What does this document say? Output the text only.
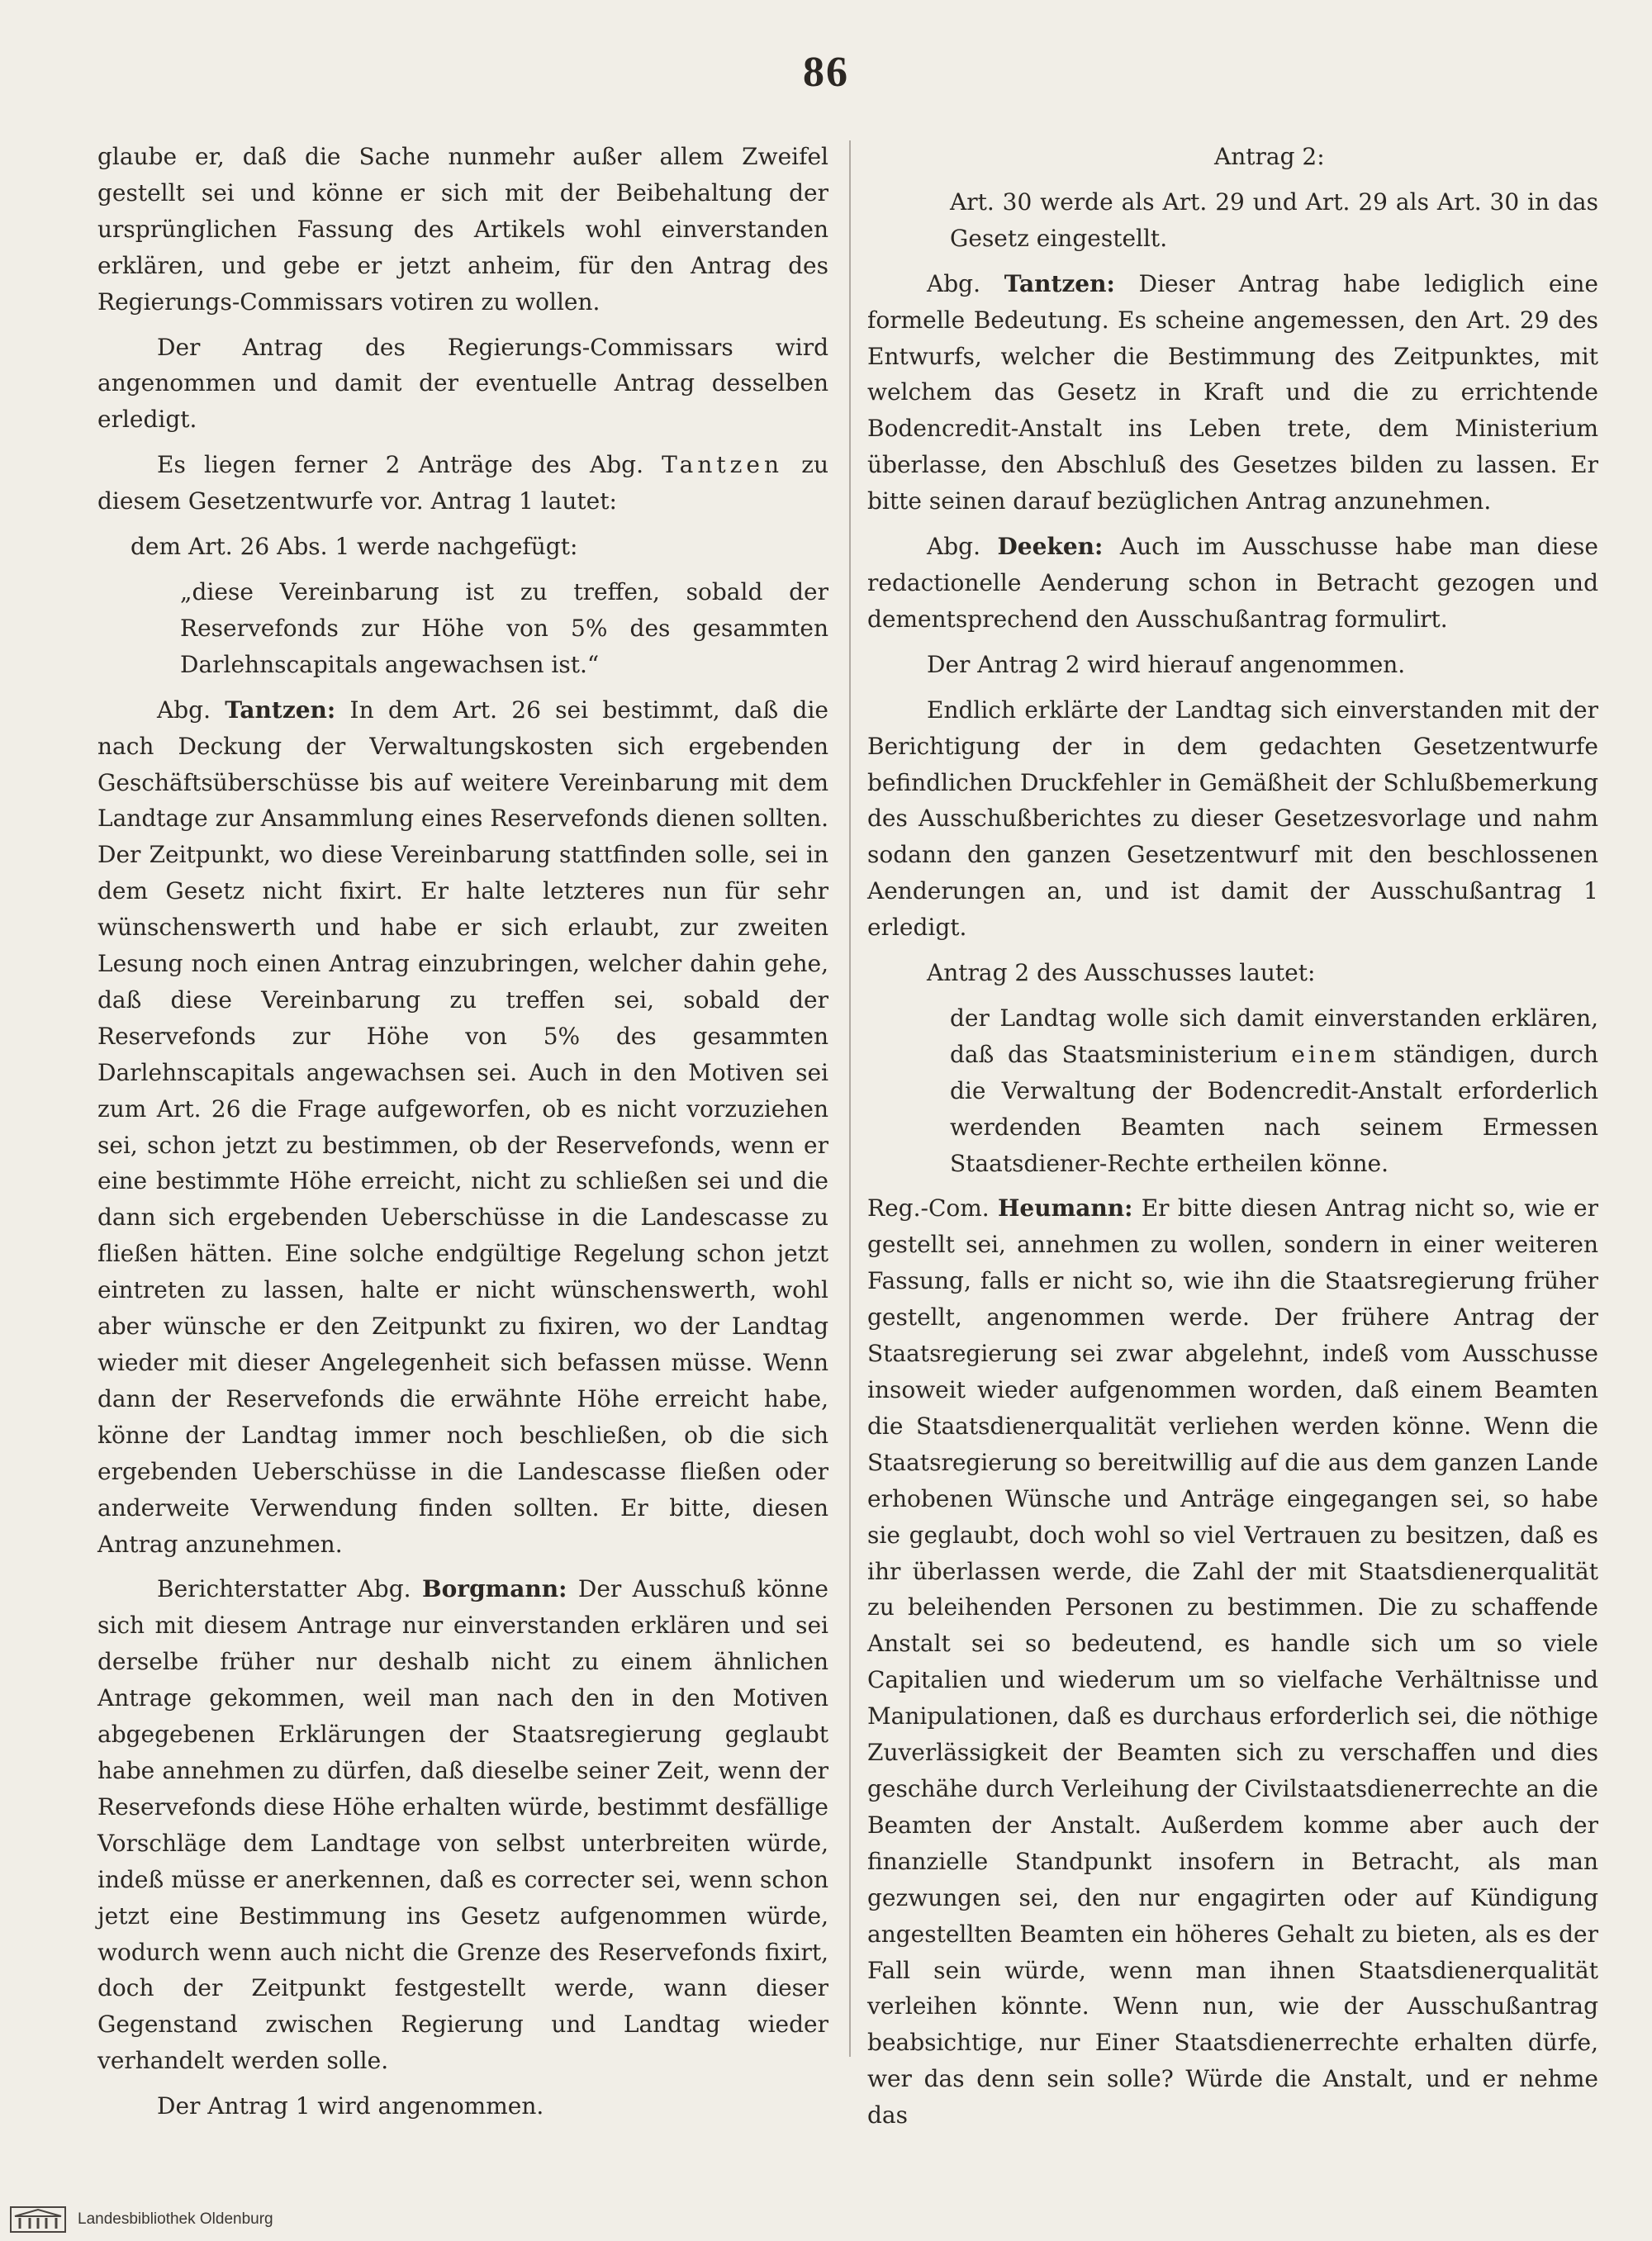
86

glaube er, daß die Sache nunmehr außer allem Zweifel gestellt sei und könne er sich mit der Beibehaltung der ursprünglichen Fassung des Artikels wohl einverstanden erklären, und gebe er jetzt anheim, für den Antrag des Regierungs-Commissars votiren zu wollen.

Der Antrag des Regierungs-Commissars wird angenommen und damit der eventuelle Antrag desselben erledigt.

Es liegen ferner 2 Anträge des Abg. Tantzen zu diesem Gesetzentwurfe vor. Antrag 1 lautet:

dem Art. 26 Abs. 1 werde nachgefügt:

„diese Vereinbarung ist zu treffen, sobald der Reservefonds zur Höhe von 5% des gesammten Darlehnscapitals angewachsen ist.“

Abg. Tantzen: In dem Art. 26 sei bestimmt, daß die nach Deckung der Verwaltungskosten sich ergebenden Geschäftsüberschüsse bis auf weitere Vereinbarung mit dem Landtage zur Ansammlung eines Reservefonds dienen sollten. Der Zeitpunkt, wo diese Vereinbarung stattfinden solle, sei in dem Gesetz nicht fixirt. Er halte letzteres nun für sehr wünschenswerth und habe er sich erlaubt, zur zweiten Lesung noch einen Antrag einzubringen, welcher dahin gehe, daß diese Vereinbarung zu treffen sei, sobald der Reservefonds zur Höhe von 5% des gesammten Darlehnscapitals angewachsen sei. Auch in den Motiven sei zum Art. 26 die Frage aufgeworfen, ob es nicht vorzuziehen sei, schon jetzt zu bestimmen, ob der Reservefonds, wenn er eine bestimmte Höhe erreicht, nicht zu schließen sei und die dann sich ergebenden Ueberschüsse in die Landescasse zu fließen hätten. Eine solche endgültige Regelung schon jetzt eintreten zu lassen, halte er nicht wünschenswerth, wohl aber wünsche er den Zeitpunkt zu fixiren, wo der Landtag wieder mit dieser Angelegenheit sich befassen müsse. Wenn dann der Reservefonds die erwähnte Höhe erreicht habe, könne der Landtag immer noch beschließen, ob die sich ergebenden Ueberschüsse in die Landescasse fließen oder anderweite Verwendung finden sollten. Er bitte, diesen Antrag anzunehmen.

Berichterstatter Abg. Borgmann: Der Ausschuß könne sich mit diesem Antrage nur einverstanden erklären und sei derselbe früher nur deshalb nicht zu einem ähnlichen Antrage gekommen, weil man nach den in den Motiven abgegebenen Erklärungen der Staatsregierung geglaubt habe annehmen zu dürfen, daß dieselbe seiner Zeit, wenn der Reservefonds diese Höhe erhalten würde, bestimmt desfällige Vorschläge dem Landtage von selbst unterbreiten würde, indeß müsse er anerkennen, daß es correcter sei, wenn schon jetzt eine Bestimmung ins Gesetz aufgenommen würde, wodurch wenn auch nicht die Grenze des Reservefonds fixirt, doch der Zeitpunkt festgestellt werde, wann dieser Gegenstand zwischen Regierung und Landtag wieder verhandelt werden solle.

Der Antrag 1 wird angenommen.

Antrag 2:

Art. 30 werde als Art. 29 und Art. 29 als Art. 30 in das Gesetz eingestellt.

Abg. Tantzen: Dieser Antrag habe lediglich eine formelle Bedeutung. Es scheine angemessen, den Art. 29 des Entwurfs, welcher die Bestimmung des Zeitpunktes, mit welchem das Gesetz in Kraft und die zu errichtende Bodencredit-Anstalt ins Leben trete, dem Ministerium überlasse, den Abschluß des Gesetzes bilden zu lassen. Er bitte seinen darauf bezüglichen Antrag anzunehmen.

Abg. Deeken: Auch im Ausschusse habe man diese redactionelle Aenderung schon in Betracht gezogen und dementsprechend den Ausschußantrag formulirt.

Der Antrag 2 wird hierauf angenommen.

Endlich erklärte der Landtag sich einverstanden mit der Berichtigung der in dem gedachten Gesetzentwurfe befindlichen Druckfehler in Gemäßheit der Schlußbemerkung des Ausschußberichtes zu dieser Gesetzesvorlage und nahm sodann den ganzen Gesetzentwurf mit den beschlossenen Aenderungen an, und ist damit der Ausschußantrag 1 erledigt.

Antrag 2 des Ausschusses lautet:

der Landtag wolle sich damit einverstanden erklären, daß das Staatsministerium einem ständigen, durch die Verwaltung der Bodencredit-Anstalt erforderlich werdenden Beamten nach seinem Ermessen Staatsdiener-Rechte ertheilen könne.

Reg.-Com. Heumann: Er bitte diesen Antrag nicht so, wie er gestellt sei, annehmen zu wollen, sondern in einer weiteren Fassung, falls er nicht so, wie ihn die Staatsregierung früher gestellt, angenommen werde. Der frühere Antrag der Staatsregierung sei zwar abgelehnt, indeß vom Ausschusse insoweit wieder aufgenommen worden, daß einem Beamten die Staatsdienerqualität verliehen werden könne. Wenn die Staatsregierung so bereitwillig auf die aus dem ganzen Lande erhobenen Wünsche und Anträge eingegangen sei, so habe sie geglaubt, doch wohl so viel Vertrauen zu besitzen, daß es ihr überlassen werde, die Zahl der mit Staatsdienerqualität zu beleihenden Personen zu bestimmen. Die zu schaffende Anstalt sei so bedeutend, es handle sich um so viele Capitalien und wiederum um so vielfache Verhältnisse und Manipulationen, daß es durchaus erforderlich sei, die nöthige Zuverlässigkeit der Beamten sich zu verschaffen und dies geschähe durch Verleihung der Civilstaatsdienerrechte an die Beamten der Anstalt. Außerdem komme aber auch der finanzielle Standpunkt insofern in Betracht, als man gezwungen sei, den nur engagirten oder auf Kündigung angestellten Beamten ein höheres Gehalt zu bieten, als es der Fall sein würde, wenn man ihnen Staatsdienerqualität verleihen könnte. Wenn nun, wie der Ausschußantrag beabsichtige, nur Einer Staatsdienerrechte erhalten dürfe, wer das denn sein solle? Würde die Anstalt, und er nehme das

Landesbibliothek Oldenburg
